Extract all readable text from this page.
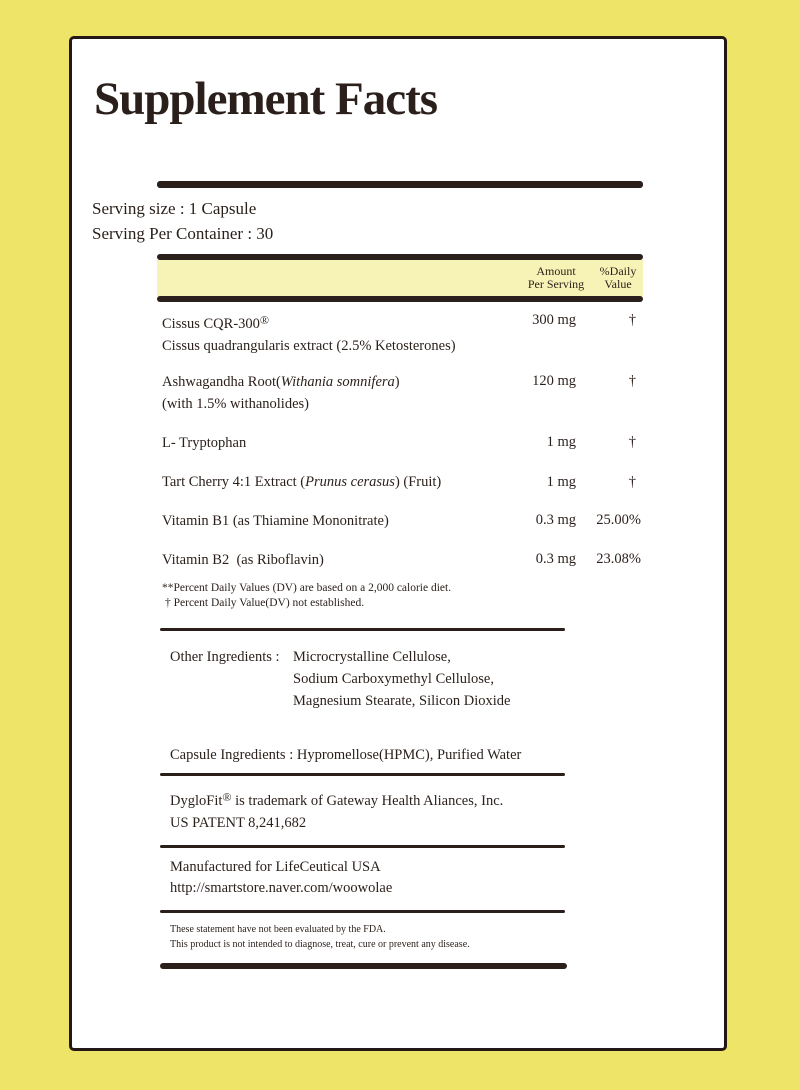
Supplement Facts
Serving size : 1 Capsule
Serving Per Container : 30
Amount
Per Serving
%Daily
Value
Cissus CQR-300®
Cissus quadrangularis extract (2.5% Ketosterones)
300 mg	†
Ashwagandha Root(Withania somnifera)
(with 1.5% withanolides)
120 mg	†
L- Tryptophan	1 mg	†
Tart Cherry 4:1 Extract (Prunus cerasus) (Fruit)	1 mg	†
Vitamin B1 (as Thiamine Mononitrate)	0.3 mg	25.00%
Vitamin B2  (as Riboflavin)	0.3 mg	23.08%
**Percent Daily Values (DV) are based on a 2,000 calorie diet.
† Percent Daily Value(DV) not established.
Other Ingredients : Microcrystalline Cellulose,
Sodium Carboxymethyl Cellulose,
Magnesium Stearate, Silicon Dioxide
Capsule Ingredients : Hypromellose(HPMC), Purified Water
DygloFit® is trademark of Gateway Health Aliances, Inc.
US PATENT 8,241,682
Manufactured for LifeCeutical USA
http://smartstore.naver.com/woowolae
These statement have not been evaluated by the FDA.
This product is not intended to diagnose, treat, cure or prevent any disease.
